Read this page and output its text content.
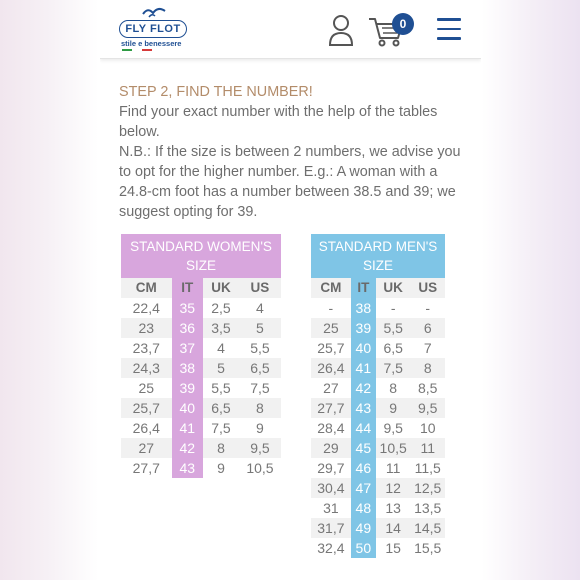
FLY FLOT
stile e benessere
0

STEP 2, FIND THE NUMBER!

Find your exact number with the help of the tables below.

N.B.: If the size is between 2 numbers, we advise you to opt for the higher number. E.g.: A woman with a 24.8-cm foot has a number between 38.5 and 39; we suggest opting for 39.

STANDARD WOMEN'S SIZE			
CM	IT	UK	US
22,4	35	2,5	4
23	36	3,5	5
23,7	37	4	5,5
24,3	38	5	6,5
25	39	5,5	7,5
25,7	40	6,5	8
26,4	41	7,5	9
27	42	8	9,5
27,7	43	9	10,5
STANDARD MEN'S SIZE			
CM	IT	UK	US
-	38	-	-
25	39	5,5	6
25,7	40	6,5	7
26,4	41	7,5	8
27	42	8	8,5
27,7	43	9	9,5
28,4	44	9,5	10
29	45	10,5	11
29,7	46	11	11,5
30,4	47	12	12,5
31	48	13	13,5
31,7	49	14	14,5
32,4	50	15	15,5
